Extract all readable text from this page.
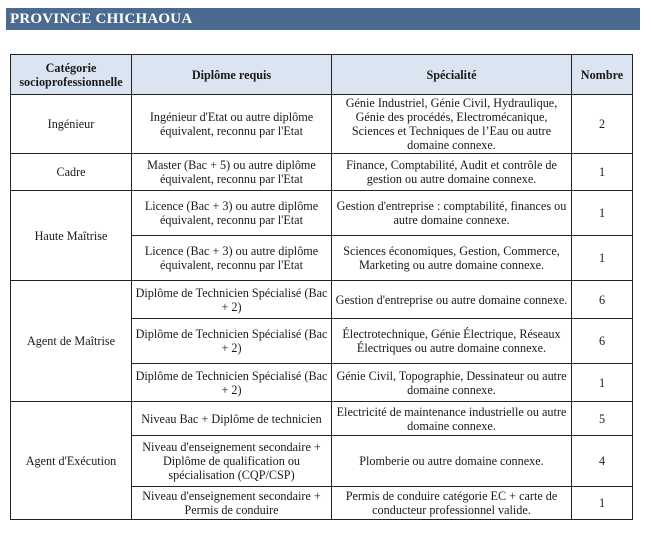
PROVINCE CHICHAOUA
Catégorie socioprofessionnelle	Diplôme requis	Spécialité	Nombre
Ingénieur	Ingénieur d'Etat ou autre diplôme équivalent, reconnu par l'Etat	Génie Industriel, Génie Civil, Hydraulique, Génie des procédés, Electromécanique, Sciences et Techniques de l’Eau ou autre domaine connexe.	2
Cadre	Master (Bac + 5) ou autre diplôme équivalent, reconnu par l'Etat	Finance, Comptabilité, Audit et contrôle de gestion ou autre domaine connexe.	1
Haute Maîtrise	Licence (Bac + 3) ou autre diplôme équivalent, reconnu par l'Etat	Gestion d'entreprise : comptabilité, finances ou autre domaine connexe.	1
	Licence (Bac + 3) ou autre diplôme équivalent, reconnu par l'Etat	Sciences économiques, Gestion, Commerce, Marketing ou autre domaine connexe.	1
Agent de Maîtrise	Diplôme de Technicien Spécialisé (Bac + 2)	Gestion d'entreprise ou autre domaine connexe.	6
	Diplôme de Technicien Spécialisé (Bac + 2)	Électrotechnique, Génie Électrique, Réseaux Électriques ou autre domaine connexe.	6
	Diplôme de Technicien Spécialisé (Bac + 2)	Génie Civil, Topographie, Dessinateur ou autre domaine connexe.	1
Agent d'Exécution	Niveau Bac + Diplôme de technicien	Electricité de maintenance industrielle ou autre domaine connexe.	5
	Niveau d'enseignement secondaire + Diplôme de qualification ou spécialisation (CQP/CSP)	Plomberie ou autre domaine connexe.	4
	Niveau d'enseignement secondaire + Permis de conduire	Permis de conduire catégorie EC + carte de conducteur professionnel valide.	1
